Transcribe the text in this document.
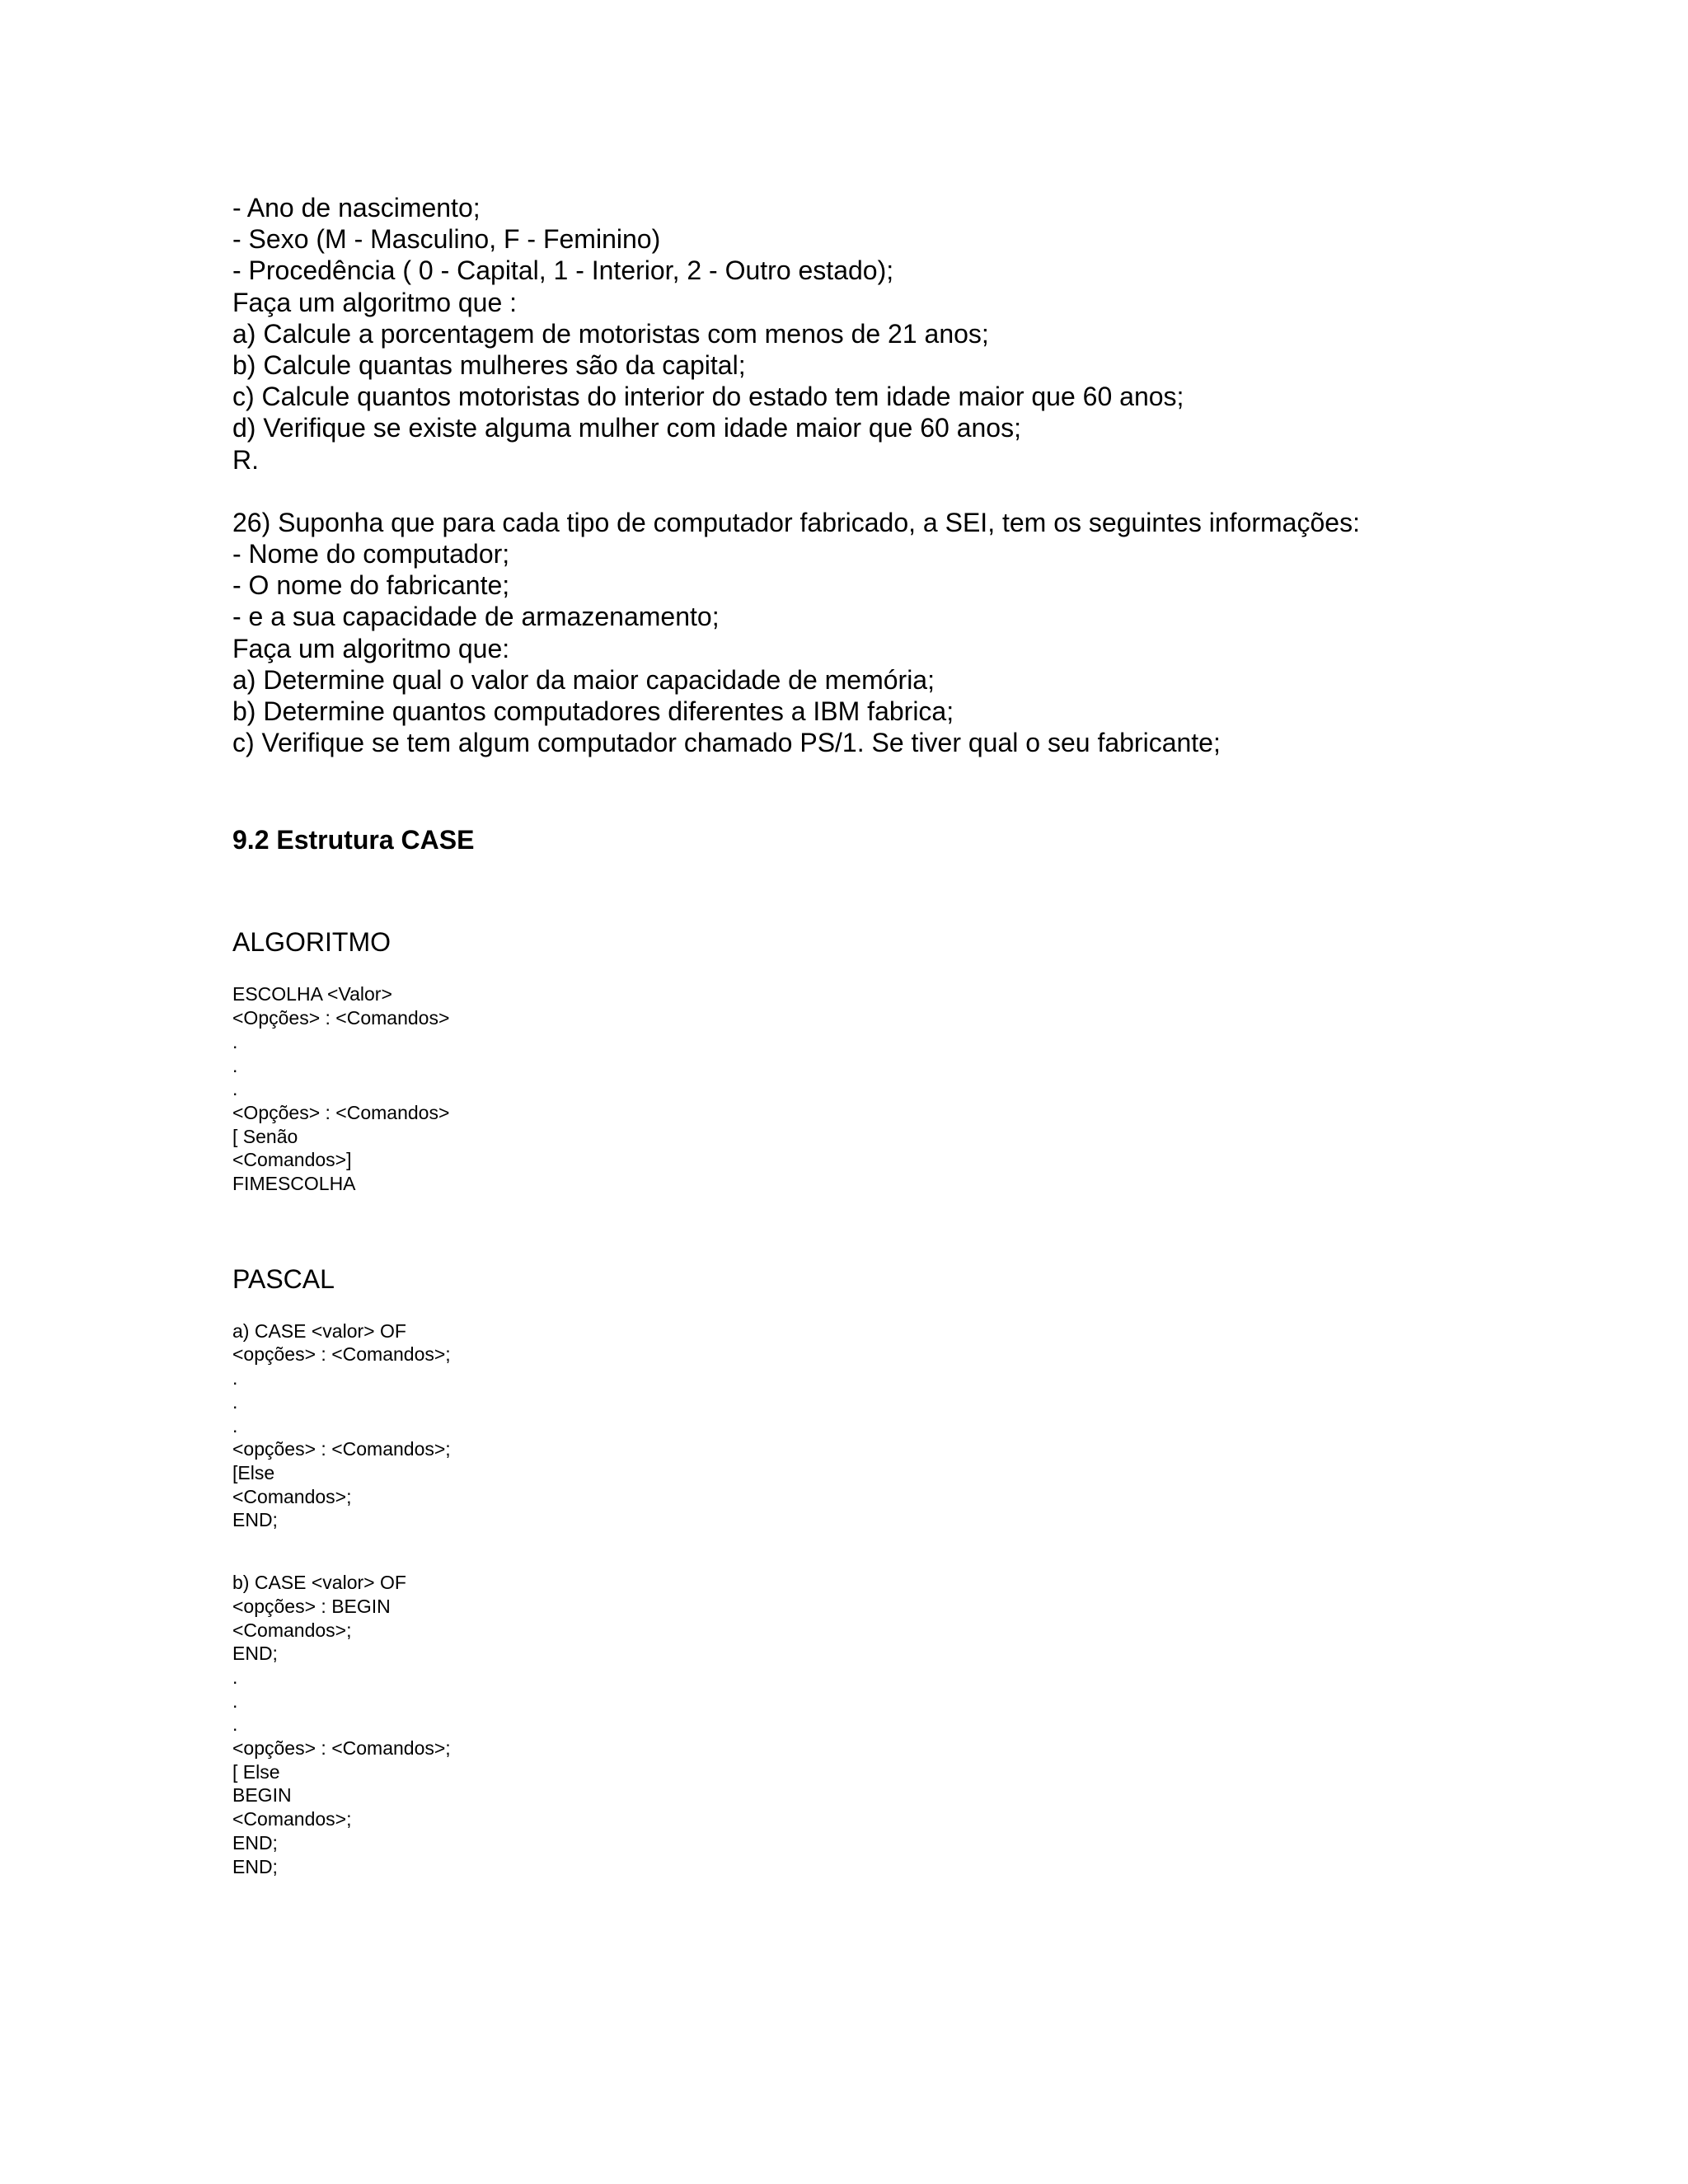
- Ano de nascimento;
- Sexo (M - Masculino, F - Feminino)
- Procedência ( 0 - Capital, 1 - Interior, 2 - Outro estado);
Faça um algoritmo que :
a) Calcule a porcentagem de motoristas com menos de 21 anos;
b) Calcule quantas mulheres são da capital;
c) Calcule quantos motoristas do interior do estado tem idade maior que 60 anos;
d) Verifique se existe alguma mulher com idade maior que 60 anos;
R.
26) Suponha que para cada tipo de computador fabricado, a SEI, tem os seguintes informações:
- Nome do computador;
- O nome do fabricante;
- e a sua capacidade de armazenamento;
Faça um algoritmo que:
a) Determine qual o valor da maior capacidade de memória;
b) Determine quantos computadores diferentes a IBM fabrica;
c) Verifique se tem algum computador chamado PS/1. Se tiver qual o seu fabricante;
9.2 Estrutura CASE
ALGORITMO
ESCOLHA <Valor>
<Opções> : <Comandos>
.
.
.
<Opções> : <Comandos>
[ Senão
<Comandos>]
FIMESCOLHA
PASCAL
a) CASE <valor> OF
<opções> : <Comandos>;
.
.
.
<opções> : <Comandos>;
[Else
<Comandos>;
END;
b) CASE <valor> OF
<opções> : BEGIN
<Comandos>;
END;
.
.
.
<opções> : <Comandos>;
[ Else
BEGIN
<Comandos>;
END;
END;
